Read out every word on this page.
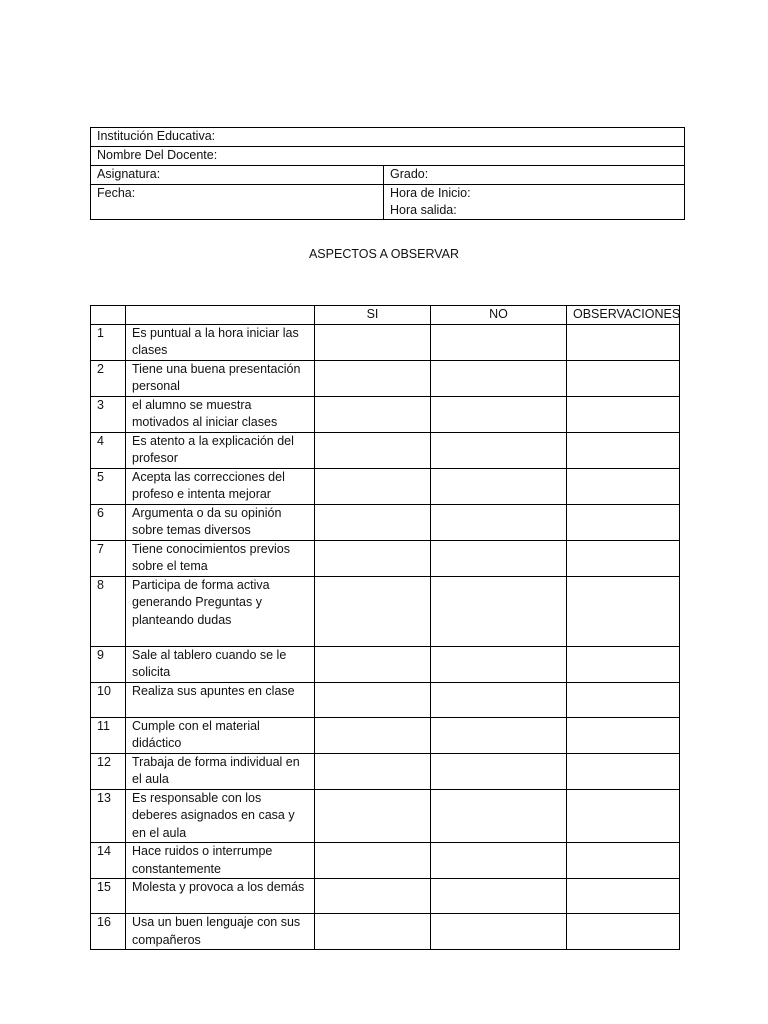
Institución Educativa:	
Nombre Del Docente:	
Asignatura:	Grado:
Fecha:	Hora de Inicio:
Hora salida:
ASPECTOS A OBSERVAR
		SI	NO	OBSERVACIONES
1	Es puntual a la hora iniciar las clases			
2	Tiene una buena presentación personal			
3	el alumno se muestra motivados al iniciar clases			
4	Es atento a la explicación del profesor			
5	Acepta las correcciones del profeso e intenta mejorar			
6	Argumenta o da su opinión sobre temas diversos			
7	Tiene conocimientos previos sobre el tema			
8	Participa de forma activa generando Preguntas y planteando dudas			
9	Sale al tablero cuando se le solicita			
10	Realiza sus apuntes en clase			
11	Cumple con el material didáctico			
12	Trabaja de forma individual en el aula			
13	Es responsable con los deberes asignados en casa y en el aula			
14	Hace ruidos o interrumpe constantemente			
15	Molesta y provoca a los demás			
16	Usa un buen lenguaje con sus compañeros			
